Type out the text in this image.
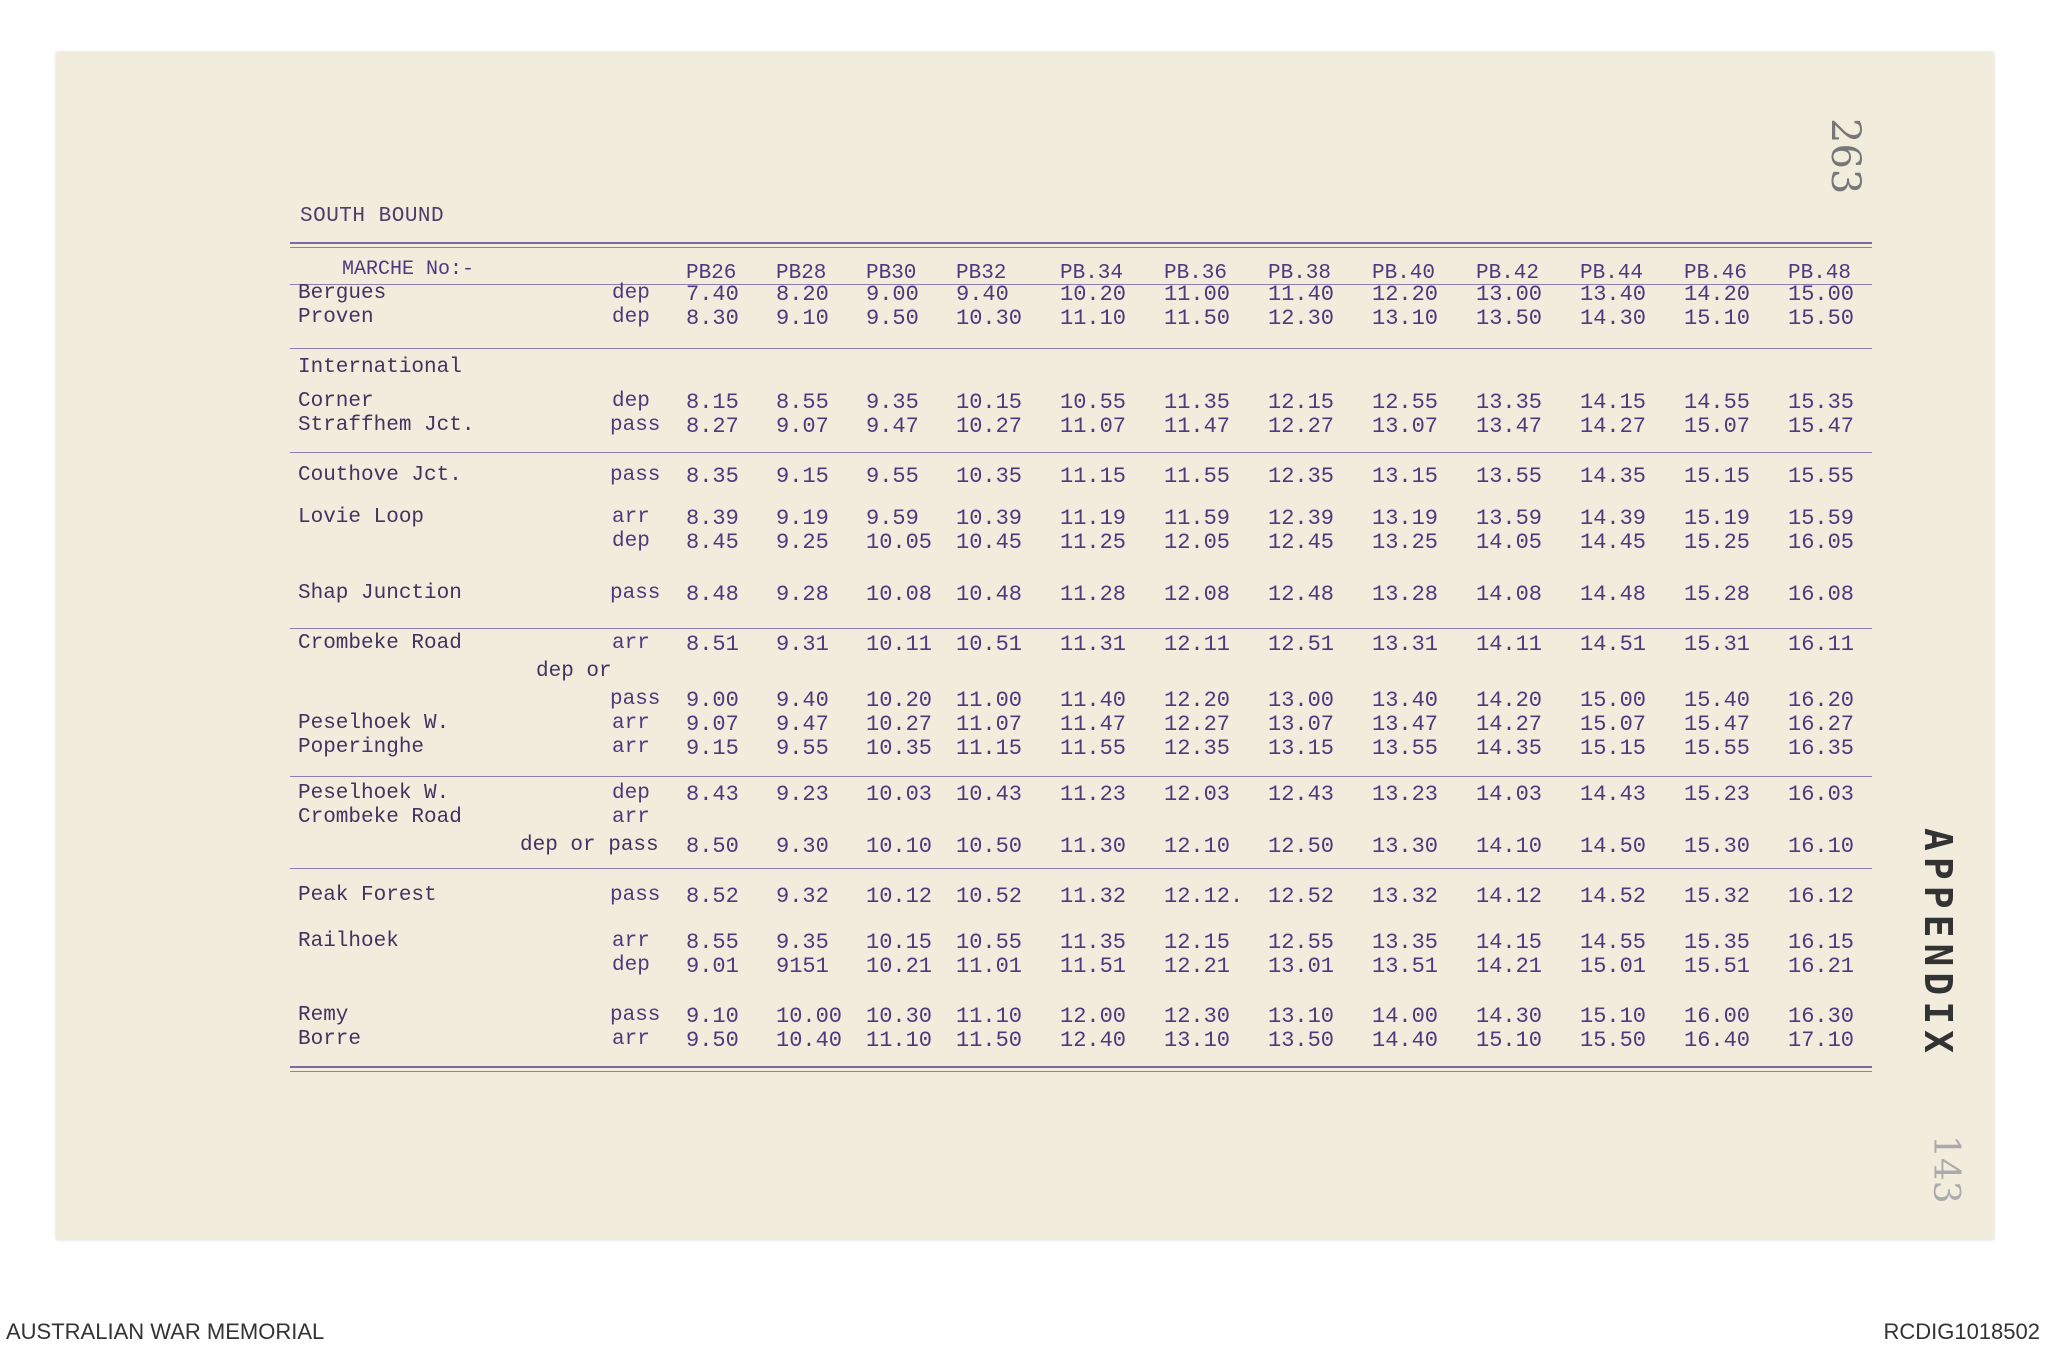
263
APPENDIX
143
SOUTH BOUND
MARCHE No:-	PB26 PB28 PB30 PB32	PB.34 PB.36 PB.38 PB.40 PB.42 PB.44 PB.46 PB.48
Bergues	dep 7.40 8.20 9.00 9.40 10.20 11.00 11.40 12.20 13.00 13.40 14.20 15.00
Proven	dep 8.30 9.10 9.50 10.30 11.10 11.50 12.30 13.10 13.50 14.30 15.10 15.50
International
Corner	dep 8.15 8.55 9.35 10.15 10.55 11.35 12.15 12.55 13.35 14.15 14.55 15.35
Straffhem Jct.	pass 8.27 9.07 9.47 10.27 11.07 11.47 12.27 13.07 13.47 14.27 15.07 15.47
Couthove Jct.	pass 8.35 9.15 9.55 10.35 11.15 11.55 12.35 13.15 13.55 14.35 15.15 15.55
Lovie Loop	arr 8.39 9.19 9.59 10.39 11.19 11.59 12.39 13.19 13.59 14.39 15.19 15.59
dep 8.45 9.25 10.05 10.45 11.25 12.05 12.45 13.25 14.05 14.45 15.25 16.05
Shap Junction	pass 8.48 9.28 10.08 10.48 11.28 12.08 12.48 13.28 14.08 14.48 15.28 16.08
Crombeke Road	arr 8.51 9.31 10.11 10.51 11.31 12.11 12.51 13.31 14.11 14.51 15.31 16.11
dep or
pass 9.00 9.40 10.20 11.00 11.40 12.20 13.00 13.40 14.20 15.00 15.40 16.20
Peselhoek W.	arr 9.07 9.47 10.27 11.07 11.47 12.27 13.07 13.47 14.27 15.07 15.47 16.27
Poperinghe	arr 9.15 9.55 10.35 11.15 11.55 12.35 13.15 13.55 14.35 15.15 15.55 16.35
Peselhoek W.	dep 8.43 9.23 10.03 10.43 11.23 12.03 12.43 13.23 14.03 14.43 15.23 16.03
Crombeke Road	arr
dep or pass 8.50 9.30 10.10 10.50 11.30 12.10 12.50 13.30 14.10 14.50 15.30 16.10
Peak Forest	pass 8.52 9.32 10.12 10.52 11.32 12.12. 12.52 13.32 14.12 14.52 15.32 16.12
Railhoek	arr 8.55 9.35 10.15 10.55 11.35 12.15 12.55 13.35 14.15 14.55 15.35 16.15
dep 9.01 9151 10.21 11.01 11.51 12.21 13.01 13.51 14.21 15.01 15.51 16.21
Remy	pass 9.10 10.00 10.30 11.10 12.00 12.30 13.10 14.00 14.30 15.10 16.00 16.30
Borre	arr 9.50 10.40 11.10 11.50 12.40 13.10 13.50 14.40 15.10 15.50 16.40 17.10
AUSTRALIAN WAR MEMORIAL	RCDIG1018502
